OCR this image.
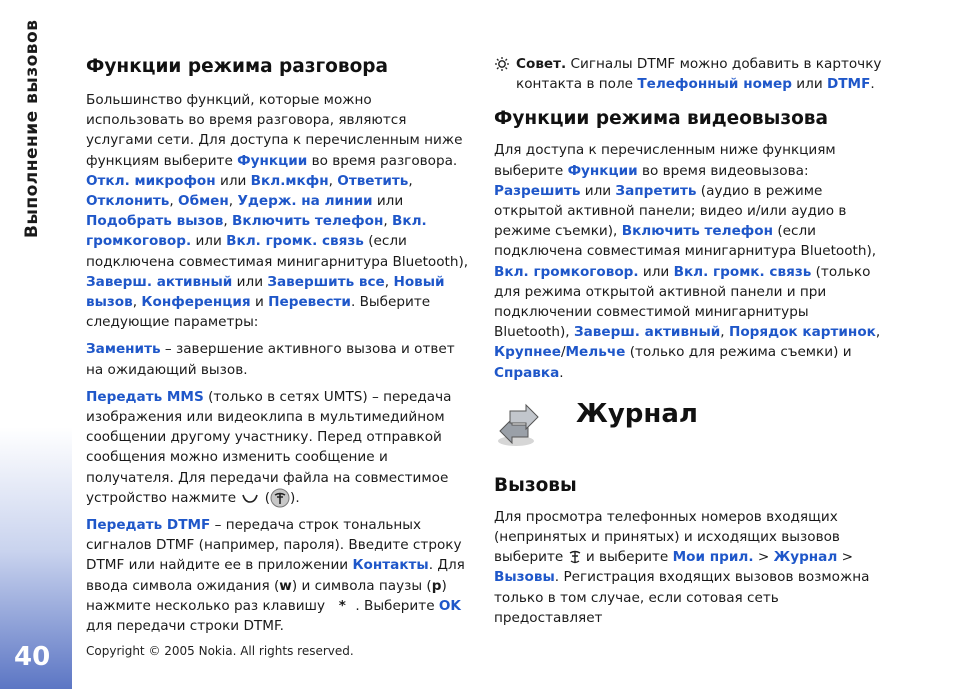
Выполнение вызовов
40
Функции режима разговора

Большинство функций, которые можно использовать во время разговора, являются услугами сети. Для доступа к перечисленным ниже функциям выберите Функции во время разговора. Откл. микрофон или Вкл.мкфн, Ответить, Отклонить, Обмен, Удерж. на линии или Подобрать вызов, Включить телефон, Вкл. громкоговор. или Вкл. громк. связь (если подключена совместимая минигарнитура Bluetooth), Заверш. активный или Завершить все, Новый вызов, Конференция и Перевести. Выберите следующие параметры:

Заменить – завершение активного вызова и ответ на ожидающий вызов.

Передать MMS (только в сетях UMTS) – передача изображения или видеоклипа в мультимедийном сообщении другому участнику. Перед отправкой сообщения можно изменить сообщение и получателя. Для передачи файла на совместимое устройство нажмите  ( ).

Передать DTMF – передача строк тональных сигналов DTMF (например, пароля). Введите строку DTMF или найдите ее в приложении Контакты. Для ввода символа ожидания (w) и символа паузы (p) нажмите несколько раз клавишу * . Выберите OK для передачи строки DTMF.

Совет. Сигналы DTMF можно добавить в карточку контакта в поле Телефонный номер или DTMF.
Функции режима видеовызова

Для доступа к перечисленным ниже функциям выберите Функции во время видеовызова: Разрешить или Запретить (аудио в режиме открытой активной панели; видео и/или аудио в режиме съемки), Включить телефон (если подключена совместимая минигарнитура Bluetooth), Вкл. громкоговор. или Вкл. громк. связь (только для режима открытой активной панели и при подключении совместимой минигарнитуры Bluetooth), Заверш. активный, Порядок картинок, Крупнее/Мельче (только для режима съемки) и Справка.

Журнал
Вызовы

Для просмотра телефонных номеров входящих (непринятых и принятых) и исходящих вызовов выберите  и выберите Мои прил. > Журнал > Вызовы. Регистрация входящих вызовов возможна только в том случае, если сотовая сеть предоставляет

Copyright © 2005 Nokia. All rights reserved.
